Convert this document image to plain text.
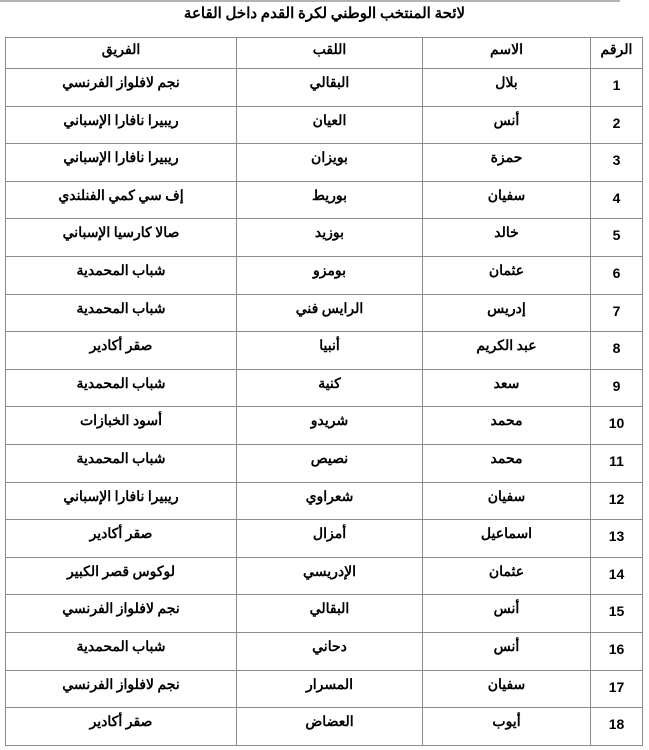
لائحة المنتخب الوطني لكرة القدم داخل القاعة
الرقم	الاسم	اللقب	الفريق
1	بلال	البقالي	نجم لافلواز الفرنسي
2	أنس	العيان	ريبيرا نافارا الإسباني
3	حمزة	بويزان	ريبيرا نافارا الإسباني
4	سفيان	بوريط	إف سي كمي الفنلندي
5	خالد	بوزيد	صالا كارسيا الإسباني
6	عثمان	بومزو	شباب المحمدية
7	إدريس	الرايس فني	شباب المحمدية
8	عبد الكريم	أنبيا	صقر أكادير
9	سعد	كنية	شباب المحمدية
10	محمد	شريدو	أسود الخبازات
11	محمد	نصيص	شباب المحمدية
12	سفيان	شعراوي	ريبيرا نافارا الإسباني
13	اسماعيل	أمزال	صقر أكادير
14	عثمان	الإدريسي	لوكوس قصر الكبير
15	أنس	البقالي	نجم لافلواز الفرنسي
16	أنس	دحاني	شباب المحمدية
17	سفيان	المسرار	نجم لافلواز الفرنسي
18	أيوب	العضاض	صقر أكادير
